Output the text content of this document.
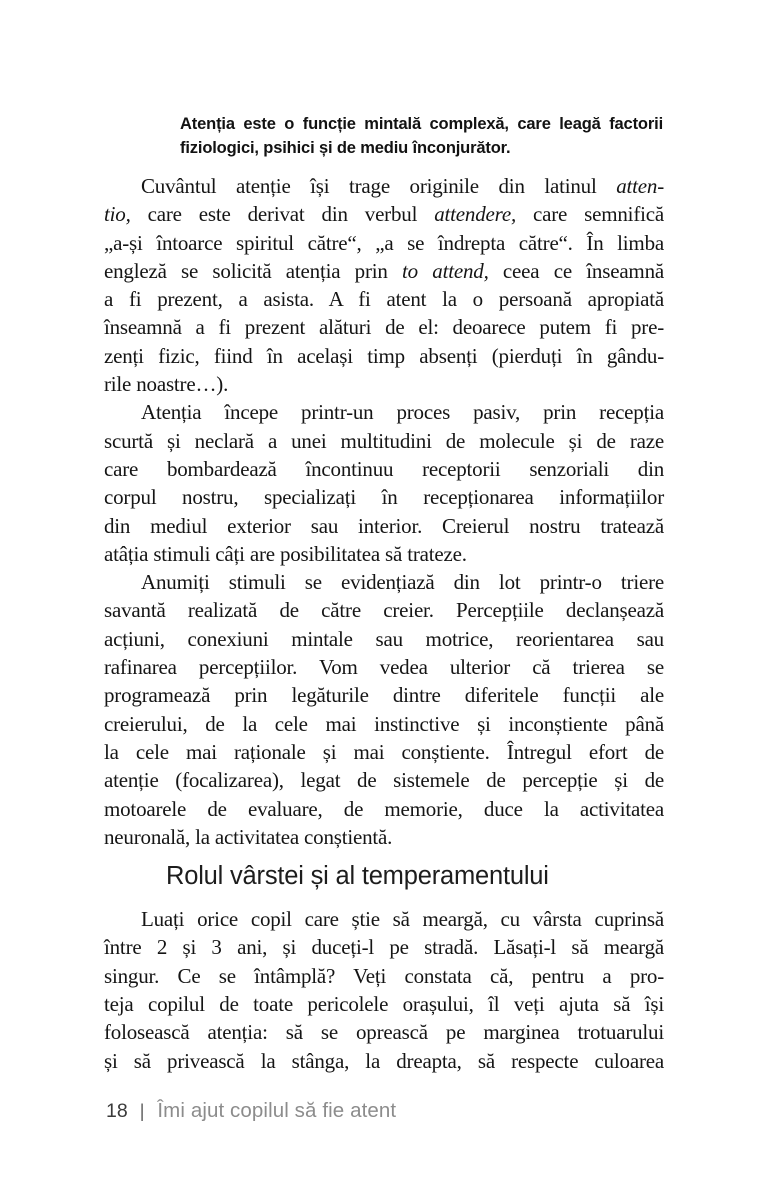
Atenția este o funcție mintală complexă, care leagă factorii
fiziologici, psihici și de mediu înconjurător.
Cuvântul atenție își trage originile din latinul atten-
tio, care este derivat din verbul attendere, care semnifică
„a-și întoarce spiritul către“, „a se îndrepta către“. În limba
engleză se solicită atenția prin to attend, ceea ce înseamnă
a fi prezent, a asista. A fi atent la o persoană apropiată
înseamnă a fi prezent alături de el: deoarece putem fi pre-
zenți fizic, fiind în același timp absenți (pierduți în gându-
rile noastre…).
Atenția începe printr-un proces pasiv, prin recepția
scurtă și neclară a unei multitudini de molecule și de raze
care bombardează încontinuu receptorii senzoriali din
corpul nostru, specializați în recepționarea informațiilor
din mediul exterior sau interior. Creierul nostru tratează
atâția stimuli câți are posibilitatea să trateze.
Anumiți stimuli se evidențiază din lot printr-o triere
savantă realizată de către creier. Percepțiile declanșează
acțiuni, conexiuni mintale sau motrice, reorientarea sau
rafinarea percepțiilor. Vom vedea ulterior că trierea se
programează prin legăturile dintre diferitele funcții ale
creierului, de la cele mai instinctive și inconștiente până
la cele mai raționale și mai conștiente. Întregul efort de
atenție (focalizarea), legat de sistemele de percepție și de
motoarele de evaluare, de memorie, duce la activitatea
neuronală, la activitatea conștientă.
Rolul vârstei și al temperamentului
Luați orice copil care știe să meargă, cu vârsta cuprinsă
între 2 și 3 ani, și duceți-l pe stradă. Lăsați-l să meargă
singur. Ce se întâmplă? Veți constata că, pentru a pro-
teja copilul de toate pericolele orașului, îl veți ajuta să își
folosească atenția: să se oprească pe marginea trotuarului
și să privească la stânga, la dreapta, să respecte culoarea
18 | Îmi ajut copilul să fie atent
